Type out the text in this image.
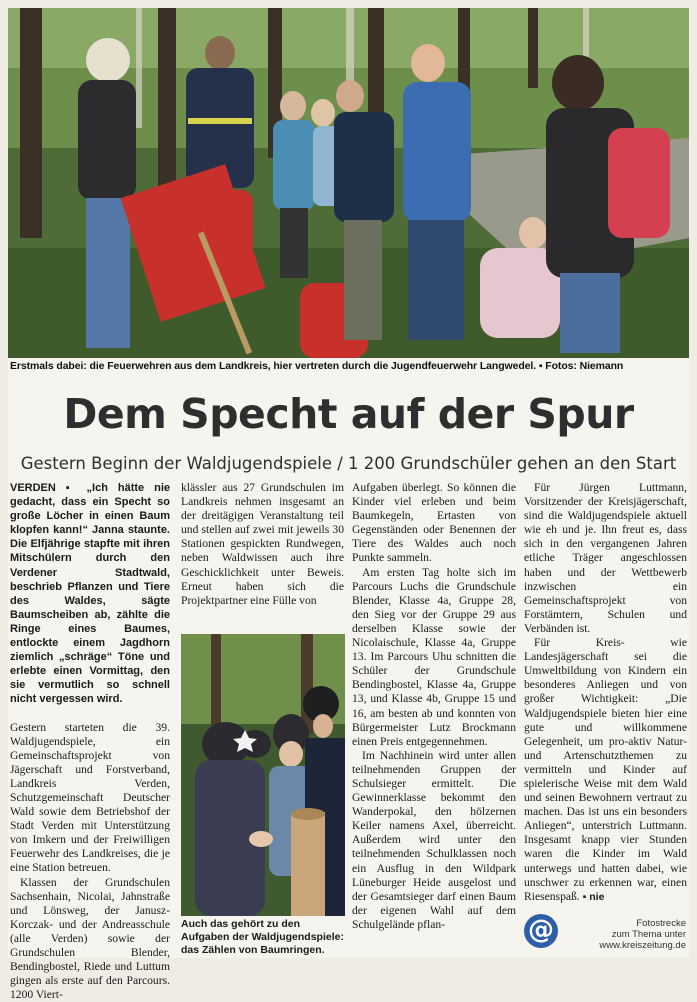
Erstmals dabei: die Feuerwehren aus dem Landkreis, hier vertreten durch die Jugendfeuerwehr Langwedel. ▪ Fotos: Niemann
Dem Specht auf der Spur
Gestern Beginn der Waldjugendspiele / 1 200 Grundschüler gehen an den Start

VERDEN ▪ „Ich hätte nie gedacht, dass ein Specht so große Löcher in einen Baum klopfen kann!“ Janna staunte. Die Elfjährige stapfte mit ihren Mitschülern durch den Verdener Stadtwald, beschrieb Pflanzen und Tiere des Waldes, sägte Baumscheiben ab, zählte die Ringe eines Baumes, entlockte einem Jagdhorn ziemlich „schräge“ Töne und erlebte einen Vormittag, den sie vermutlich so schnell nicht vergessen wird.

Gestern starteten die 39. Waldjugendspiele, ein Gemeinschaftsprojekt von Jägerschaft und Forstverband, Landkreis Verden, Schutzgemeinschaft Deutscher Wald sowie dem Betriebshof der Stadt Verden mit Unterstützung von Imkern und der Freiwilligen Feuerwehr des Landkreises, die je eine Station betreuen.

Klassen der Grundschulen Sachsenhain, Nicolai, Jahnstraße und Lönsweg, der Janusz-Korczak- und der Andreasschule (alle Verden) sowie der Grundschulen Blender, Bendingbostel, Riede und Luttum gingen als erste auf den Parcours. 1200 Viert-

klässler aus 27 Grundschulen im Landkreis nehmen insgesamt an der dreitägigen Veranstaltung teil und stellen auf zwei mit jeweils 30 Stationen gespickten Rundwegen, neben Waldwissen auch ihre Geschicklichkeit unter Beweis. Erneut haben sich die Projektpartner eine Fülle von

Auch das gehört zu den Aufgaben der Waldjugendspiele: das Zählen von Baumringen.

Aufgaben überlegt. So können die Kinder viel erleben und beim Baumkegeln, Ertasten von Gegenständen oder Benennen der Tiere des Waldes auch noch Punkte sammeln.

Am ersten Tag holte sich im Parcours Luchs die Grundschule Blender, Klasse 4a, Gruppe 28, den Sieg vor der Gruppe 29 aus derselben Klasse sowie der Nicolaischule, Klasse 4a, Gruppe 13. Im Parcours Uhu schnitten die Schüler der Grundschule Bendingbostel, Klasse 4a, Gruppe 13, und Klasse 4b, Gruppe 15 und 16, am besten ab und konnten von Bürgermeister Lutz Brockmann einen Preis entgegennehmen.

Im Nachhinein wird unter allen teilnehmenden Gruppen der Schulsieger ermittelt. Die Gewinnerklasse bekommt den Wanderpokal, den hölzernen Keiler namens Axel, überreicht. Außerdem wird unter den teilnehmenden Schulklassen noch ein Ausflug in den Wildpark Lüneburger Heide ausgelost und der Gesamtsieger darf einen Baum der eigenen Wahl auf dem Schulgelände pflan-

Für Jürgen Luttmann, Vorsitzender der Kreisjägerschaft, sind die Waldjugendspiele aktuell wie eh und je. Ihn freut es, dass sich in den vergangenen Jahren etliche Träger angeschlossen haben und der Wettbewerb inzwischen ein Gemeinschaftsprojekt von Forstämtern, Schulen und Verbänden ist.

Für Kreis- wie Landesjägerschaft sei die Umweltbildung von Kindern ein besonderes Anliegen und von großer Wichtigkeit: „Die Waldjugendspiele bieten hier eine gute und willkommene Gelegenheit, um pro-aktiv Natur- und Artenschutzthemen zu vermitteln und Kinder auf spielerische Weise mit dem Wald und seinen Bewohnern vertraut zu machen. Das ist uns ein besonders Anliegen“, unterstrich Luttmann. Insgesamt knapp vier Stunden waren die Kinder im Wald unterwegs und hatten dabei, wie unschwer zu erkennen war, einen Riesenspaß. ▪ nie

@	Fotostrecke
zum Thema unter
www.kreiszeitung.de
